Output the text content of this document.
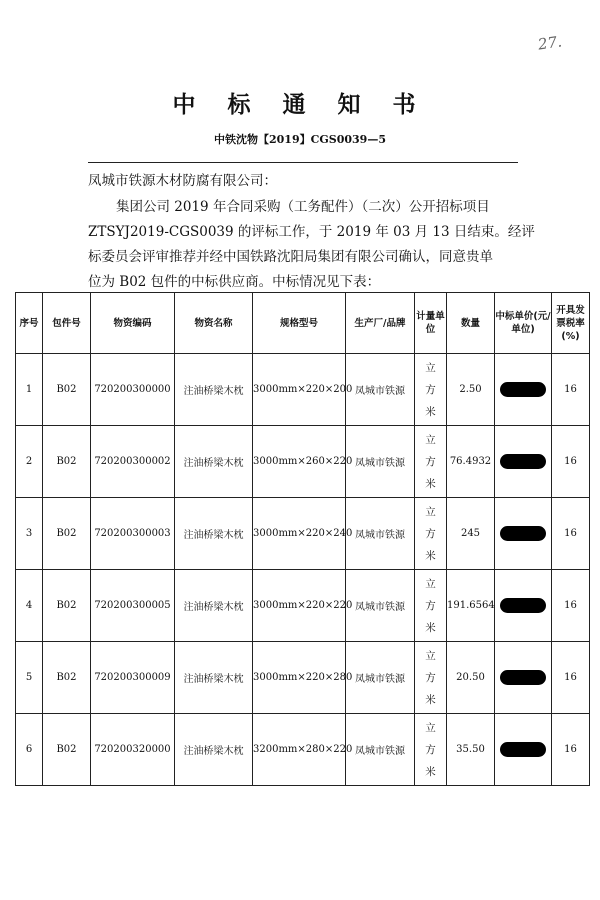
27.
中 标 通 知 书
中铁沈物【2019】CGS0039—5
凤城市铁源木材防腐有限公司：
集团公司 2019 年合同采购（工务配件）（二次）公开招标项目
ZTSYJ2019-CGS0039 的评标工作，于 2019 年 03 月 13 日结束。经评
标委员会评审推荐并经中国铁路沈阳局集团有限公司确认，同意贵单
位为 B02 包件的中标供应商。中标情况见下表：
序号	包件号	物资编码	物资名称	规格型号	生产厂/品牌	计量单位	数量	中标单价(元/单位)	开具发票税率(%)
1	B02	720200300000	注油桥梁木枕	3000mm×220×200	凤城市铁源	立方米	2.50		16
2	B02	720200300002	注油桥梁木枕	3000mm×260×220	凤城市铁源	立方米	76.4932		16
3	B02	720200300003	注油桥梁木枕	3000mm×220×240	凤城市铁源	立方米	245		16
4	B02	720200300005	注油桥梁木枕	3000mm×220×220	凤城市铁源	立方米	191.6564		16
5	B02	720200300009	注油桥梁木枕	3000mm×220×280	凤城市铁源	立方米	20.50		16
6	B02	720200320000	注油桥梁木枕	3200mm×280×220	凤城市铁源	立方米	35.50		16
